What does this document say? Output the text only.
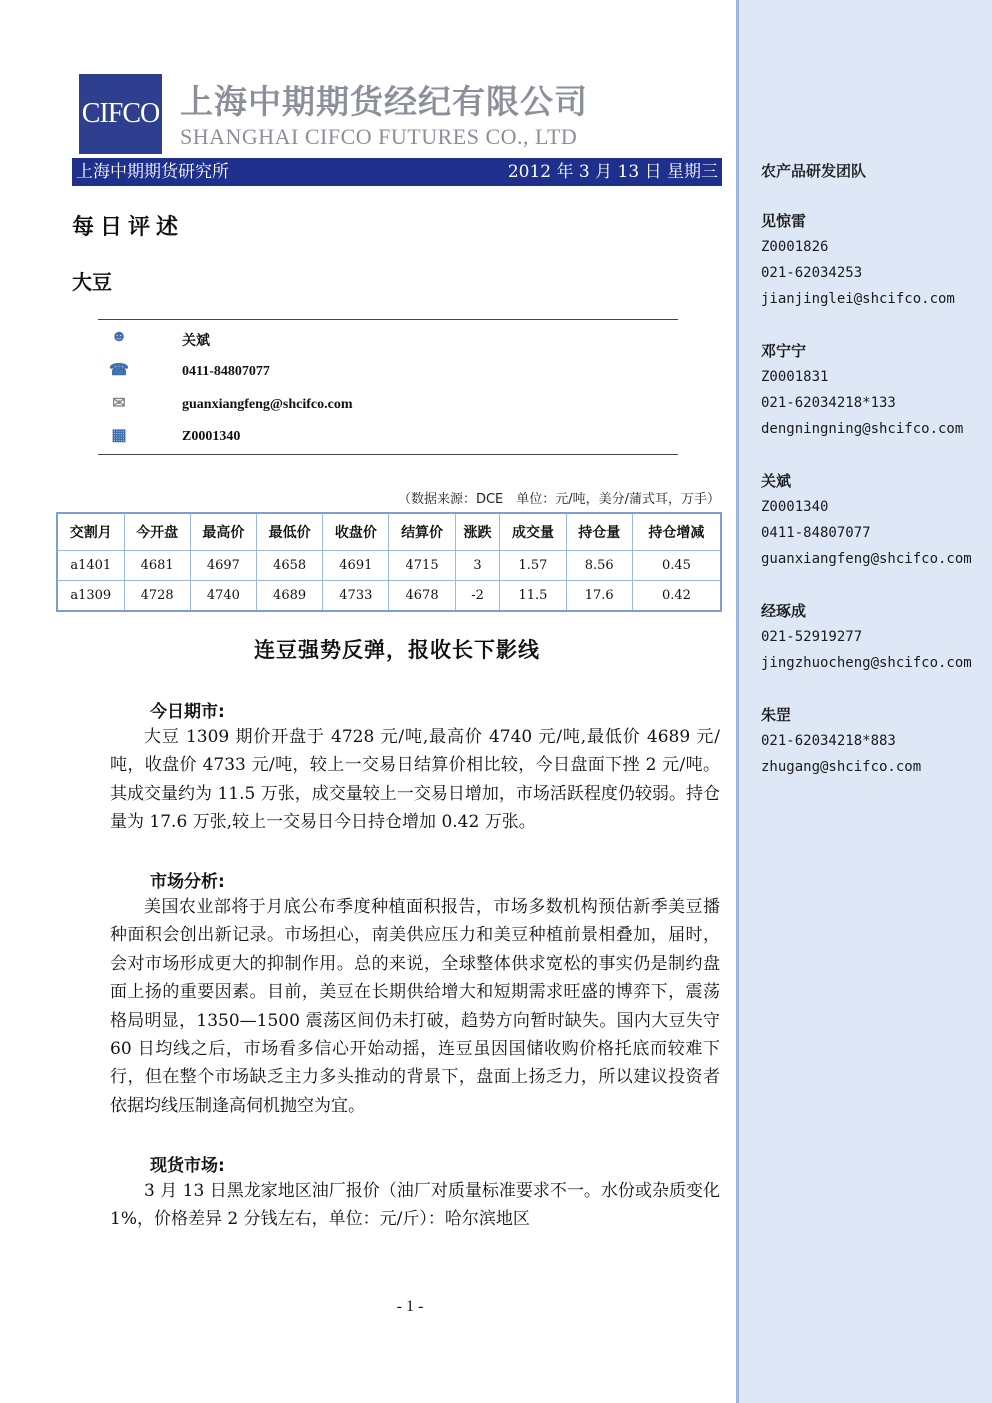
CIFCO 上海中期期货经纪有限公司
SHANGHAI CIFCO FUTURES CO., LTD
上海中期期货研究所	2012 年 3 月 13 日 星期三
每日评述
大豆
☻	关斌
☎	0411-84807077
✉	guanxiangfeng@shcifco.com
▦	Z0001340
（数据来源：DCE　单位：元/吨，美分/蒲式耳，万手）
交割月	今开盘	最高价	最低价	收盘价	结算价	涨跌	成交量	持仓量	持仓增减
a1401	4681	4697	4658	4691	4715	3	1.57	8.56	0.45
a1309	4728	4740	4689	4733	4678	-2	11.5	17.6	0.42
连豆强势反弹，报收长下影线
今日期市:
大豆 1309 期价开盘于 4728 元/吨,最高价 4740 元/吨,最低价 4689 元/吨，收盘价 4733 元/吨，较上一交易日结算价相比较，今日盘面下挫 2 元/吨。其成交量约为 11.5 万张，成交量较上一交易日增加，市场活跃程度仍较弱。持仓量为 17.6 万张,较上一交易日今日持仓增加 0.42 万张。
市场分析:
美国农业部将于月底公布季度种植面积报告，市场多数机构预估新季美豆播种面积会创出新记录。市场担心，南美供应压力和美豆种植前景相叠加，届时，会对市场形成更大的抑制作用。总的来说，全球整体供求宽松的事实仍是制约盘面上扬的重要因素。目前，美豆在长期供给增大和短期需求旺盛的博弈下，震荡格局明显，1350—1500 震荡区间仍未打破，趋势方向暂时缺失。国内大豆失守 60 日均线之后，市场看多信心开始动摇，连豆虽因国储收购价格托底而较难下行，但在整个市场缺乏主力多头推动的背景下，盘面上扬乏力，所以建议投资者依据均线压制逢高伺机抛空为宜。
现货市场:
3 月 13 日黑龙家地区油厂报价（油厂对质量标准要求不一。水份或杂质变化 1%，价格差异 2 分钱左右，单位：元/斤）：哈尔滨地区
- 1 -
农产品研发团队
见惊雷
Z0001826
021-62034253
jianjinglei@shcifco.com
邓宁宁
Z0001831
021-62034218*133
dengningning@shcifco.com
关斌
Z0001340
0411-84807077
guanxiangfeng@shcifco.com
经琢成
021-52919277
jingzhuocheng@shcifco.com
朱罡
021-62034218*883
zhugang@shcifco.com
